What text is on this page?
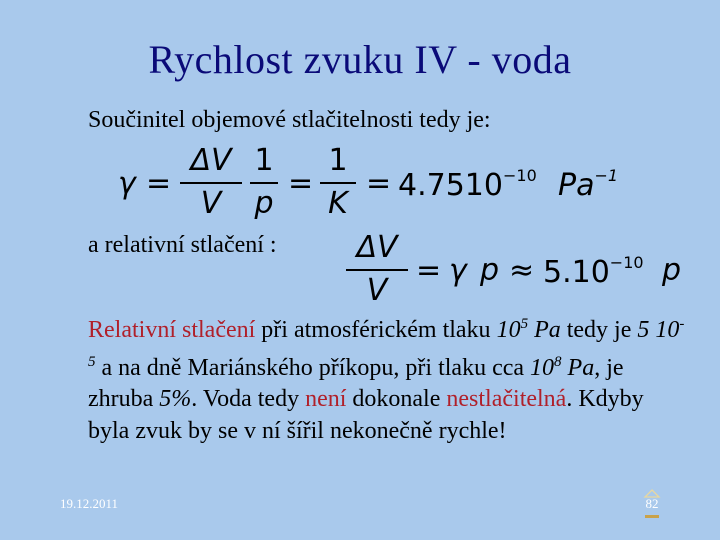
Rychlost zvuku IV - voda
Součinitel objemové stlačitelnosti tedy je:
γ =
ΔV
V
1
p
=
1
K
= $4.7510^{-10}$ $Pa^{-1}$
a relativní stlačení :	ΔV
V
= γ $p \approx 5.10^{-10}$ p
Relativní stlačení při atmosférickém tlaku $10^5$ Pa tedy je 5 $10^{-5}$ a na dně Mariánského příkopu, při tlaku cca $10^8$ Pa, je zhruba 5%. Voda tedy není dokonale nestlačitelná. Kdyby byla zvuk by se v ní šířil nekonečně rychle!
19.12.2011	82
